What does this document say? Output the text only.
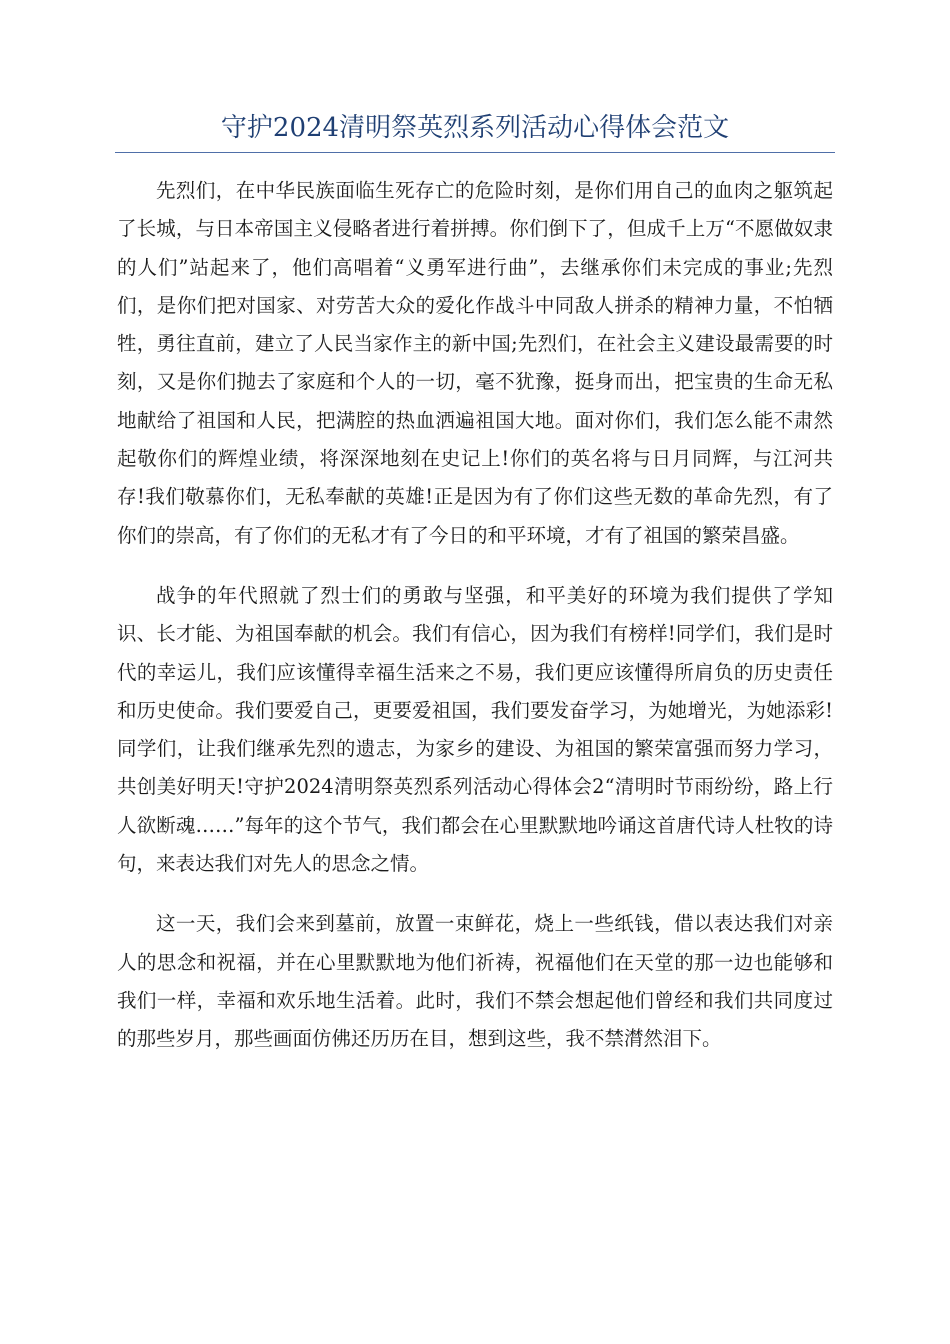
守护2024清明祭英烈系列活动心得体会范文

先烈们，在中华民族面临生死存亡的危险时刻，是你们用自己的血肉之躯筑起了长城，与日本帝国主义侵略者进行着拼搏。你们倒下了，但成千上万“不愿做奴隶的人们”站起来了，他们高唱着“义勇军进行曲”，去继承你们未完成的事业;先烈们，是你们把对国家、对劳苦大众的爱化作战斗中同敌人拼杀的精神力量，不怕牺牲，勇往直前，建立了人民当家作主的新中国;先烈们，在社会主义建设最需要的时刻，又是你们抛去了家庭和个人的一切，毫不犹豫，挺身而出，把宝贵的生命无私地献给了祖国和人民，把满腔的热血洒遍祖国大地。面对你们，我们怎么能不肃然起敬你们的辉煌业绩，将深深地刻在史记上!你们的英名将与日月同辉，与江河共存!我们敬慕你们，无私奉献的英雄!正是因为有了你们这些无数的革命先烈，有了你们的崇高，有了你们的无私才有了今日的和平环境，才有了祖国的繁荣昌盛。

战争的年代照就了烈士们的勇敢与坚强，和平美好的环境为我们提供了学知识、长才能、为祖国奉献的机会。我们有信心，因为我们有榜样!同学们，我们是时代的幸运儿，我们应该懂得幸福生活来之不易，我们更应该懂得所肩负的历史责任和历史使命。我们要爱自己，更要爱祖国，我们要发奋学习，为她增光，为她添彩!同学们，让我们继承先烈的遗志，为家乡的建设、为祖国的繁荣富强而努力学习，共创美好明天!守护2024清明祭英烈系列活动心得体会2“清明时节雨纷纷，路上行人欲断魂……”每年的这个节气，我们都会在心里默默地吟诵这首唐代诗人杜牧的诗句，来表达我们对先人的思念之情。

这一天，我们会来到墓前，放置一束鲜花，烧上一些纸钱，借以表达我们对亲人的思念和祝福，并在心里默默地为他们祈祷，祝福他们在天堂的那一边也能够和我们一样，幸福和欢乐地生活着。此时，我们不禁会想起他们曾经和我们共同度过的那些岁月，那些画面仿佛还历历在目，想到这些，我不禁潸然泪下。
